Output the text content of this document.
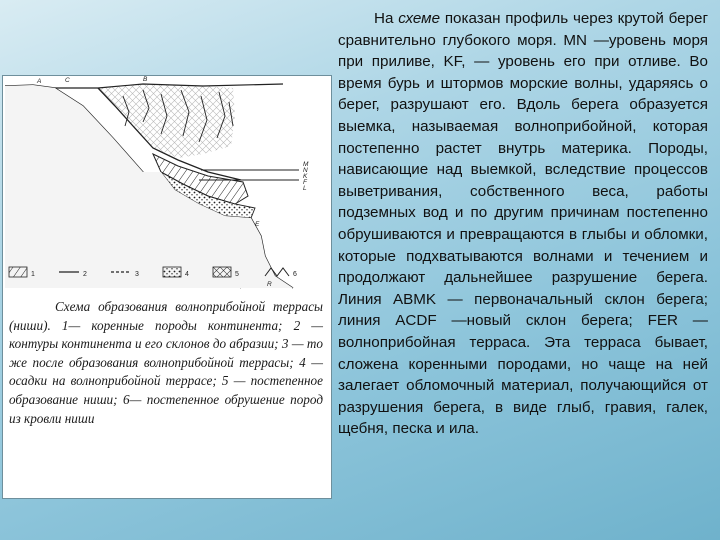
A	C	B
M
N
K
F
E
L
R
1	2	3	4	5	6

Схема образования волноприбойной террасы (ниши). 1— коренные породы континента; 2 — контуры континента и его склонов до абразии; 3 — то же после образования волноприбойной террасы; 4 — осадки на волноприбойной террасе; 5 — постепенное образование ниши; 6— постепенное обрушение пород из кровли ниши

На схеме показан профиль через крутой берег сравнительно глубокого моря. MN —уровень моря при приливе, KF, — уровень его при отливе. Во время бурь и штормов морские волны, ударяясь о берег, разрушают его. Вдоль берега образуется выемка, называемая волноприбойной, которая постепенно растет внутрь материка. Породы, нависающие над выемкой, вследствие процессов выветривания, собственного веса, работы подземных вод и по другим причинам постепенно обрушиваются и превращаются в глыбы и обломки, которые подхватываются волнами и течением и продолжают дальнейшее разрушение берега. Линия ABMK — первоначальный склон берега; линия ACDF —новый склон берега; FER — волноприбойная терраса. Эта терраса бывает, сложена коренными породами, но чаще на ней залегает обломочный материал, получающийся от разрушения берега, в виде глыб, гравия, галек, щебня, песка и ила.
